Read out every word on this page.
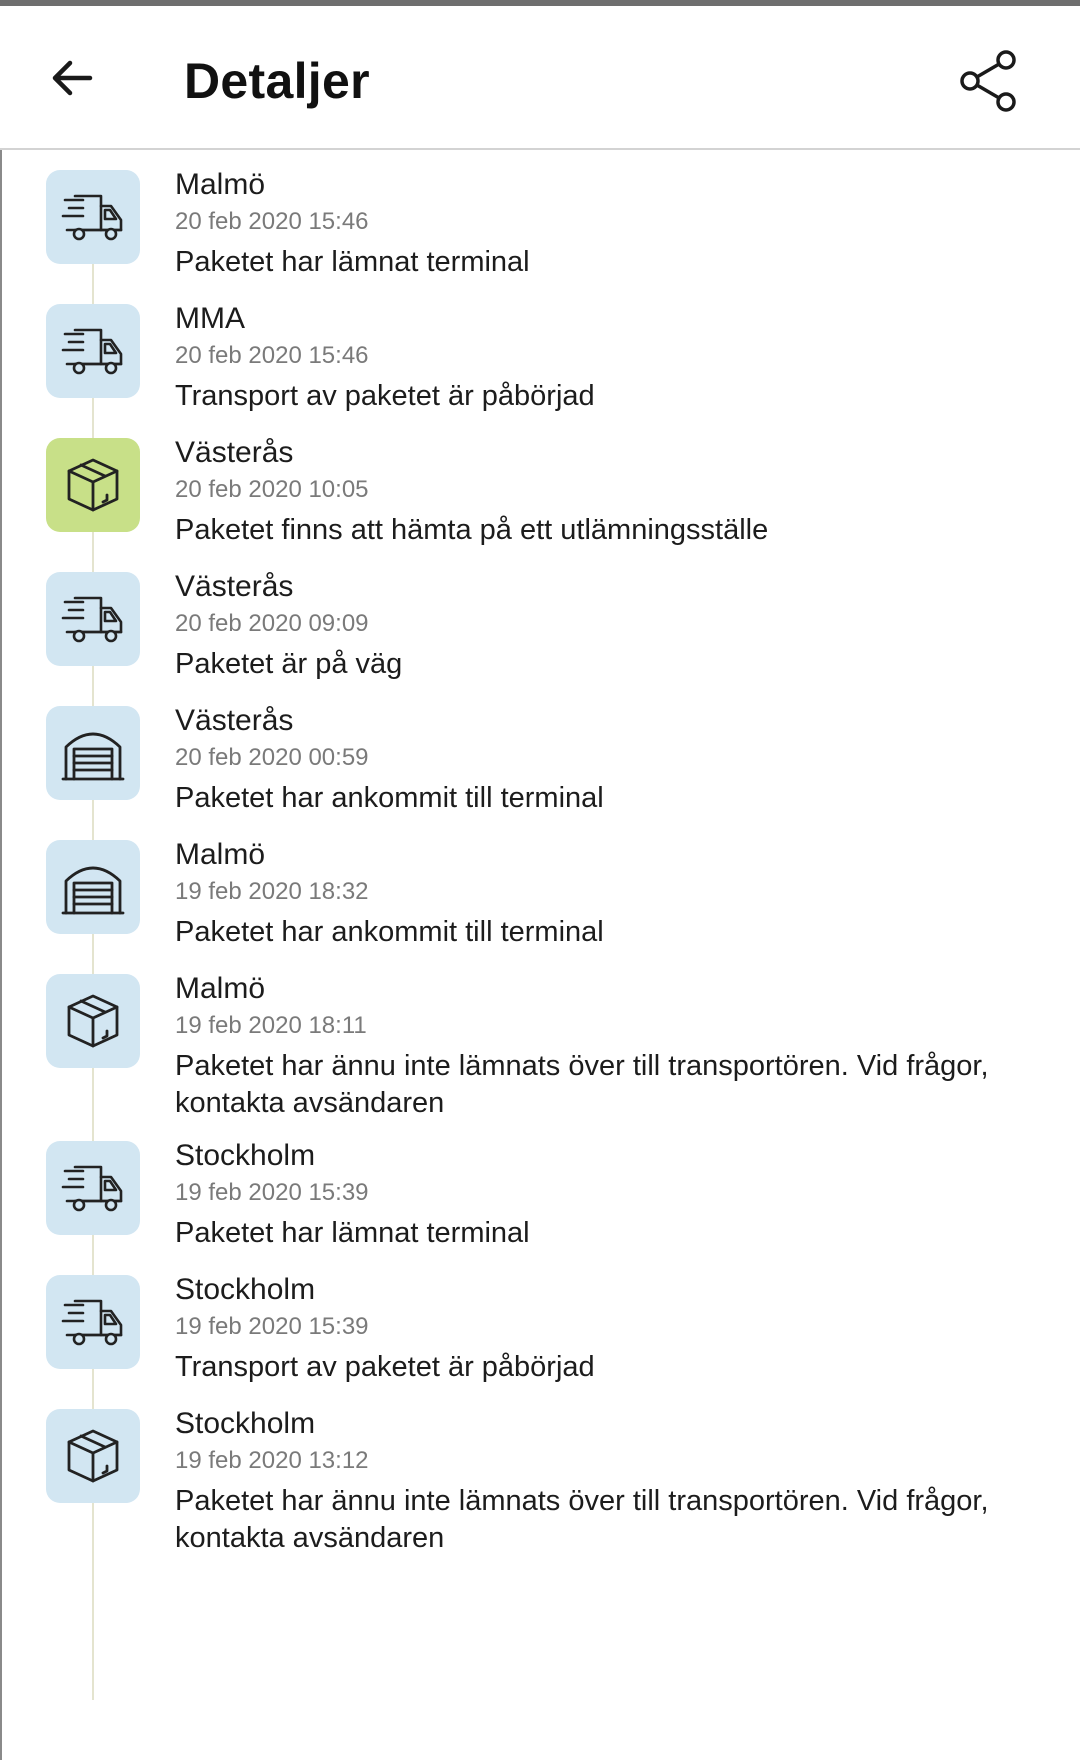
Detaljer
Malmö
20 feb 2020 15:46
Paketet har lämnat terminal
MMA
20 feb 2020 15:46
Transport av paketet är påbörjad
Västerås
20 feb 2020 10:05
Paketet finns att hämta på ett utlämningsställe
Västerås
20 feb 2020 09:09
Paketet är på väg
Västerås
20 feb 2020 00:59
Paketet har ankommit till terminal
Malmö
19 feb 2020 18:32
Paketet har ankommit till terminal
Malmö
19 feb 2020 18:11
Paketet har ännu inte lämnats över till transportören. Vid frågor, kontakta avsändaren
Stockholm
19 feb 2020 15:39
Paketet har lämnat terminal
Stockholm
19 feb 2020 15:39
Transport av paketet är påbörjad
Stockholm
19 feb 2020 13:12
Paketet har ännu inte lämnats över till transportören. Vid frågor, kontakta avsändaren
